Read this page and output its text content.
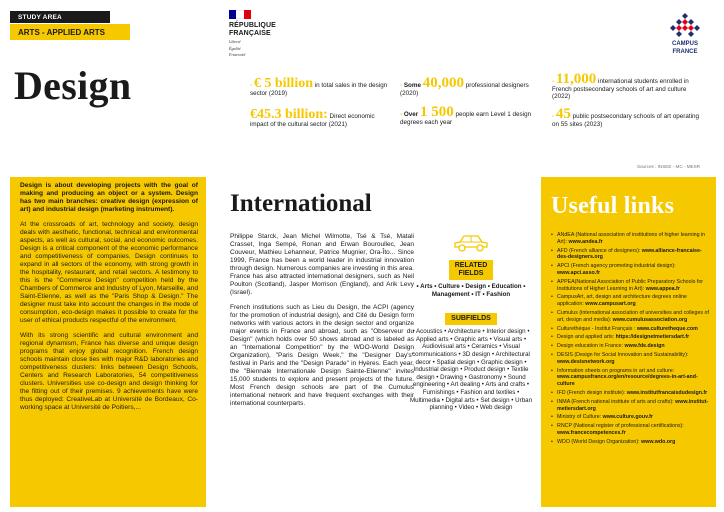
STUDY AREA
ARTS - APPLIED ARTS
RÉPUBLIQUE
FRANÇAISE
Liberté
Égalité
Fraternité
CAMPUS
FRANCE
Design	- € 5 billion in total sales in the design sector (2019)
€45.3 billion: Direct economic impact of the cultural sector (2021)
- Some 40,000 professional designers (2020)
- Over 1 500 people earn Level 1 design degrees each year
- 11,000 international students enrolled in French postsecondary schools of art and culture (2022)
- 45 public postsecondary schools of art operating on 55 sites (2023)
Sources : INSEE - MC - MESR

Design is about developing projects with the goal of making and producing an object or a system. Design has two main branches: creative design (expression of art) and industrial design (marketing instrument).

At the crossroads of art, technology and society, design deals with aesthetic, functional, technical and environmental aspects, as well as cultural, social, and economic outcomes. Design is a critical component of the economic performance and competitiveness of companies. Design continues to expand in all sectors of the economy, with strong growth in the hospitality, restaurant, and retail sectors. A testimony to this is the "Commerce Design" competition held by the Chambers of Commerce and Industry of Lyon, Marseille, and Saint-Etienne, as well as the "Paris Shop & Design." The designer must take into account the changes in the mode of consumption, eco-design makes it possible to create for the user of ethical products respectful of the environment.

With its strong scientific and cultural environment and regional dynamism, France has diverse and unique design programs that enjoy global recognition. French design schools maintain close ties with major R&D laboratories and competitiveness clusters: links between Design Schools, Centers and Research Laboratories, 54 competitiveness clusters. Universities use co-design and design thinking for the fitting out of their premises. 9 achievements have were thus deployed: CreativeLab at Université de Bordeaux, Co-working space at Université de Poitiers,...

International

Philippe Starck, Jean Michel Wilmotte, Tsé & Tsé, Matali Crasset, Inga Sempé, Ronan and Erwan Bouroullec, Jean Couveur, Mathieu Lehanneur, Patrice Mugnier, Ora-Îto... Since 1999, France has been a world leader in industrial innovation through design. Numerous companies are investing in this area. France has also attracted international designers, such as Neil Poulton (Scotland), Jasper Morrison (England), and Arik Levy (Israel).

French institutions such as Lieu du Design, the ACPI (agency for the promotion of industrial design), and Cité du Design form networks with various actors in the design sector and organize major events in France and abroad, such as "Observeur du Design" (which holds over 50 shows abroad and is labeled as an "International Competition" by the WDO-World Design Organization), "Paris Design Week," the "Designer Day's" festival in Paris and the "Design Parade" in Hyères. Each year, the "Biennale Internationale Design Sainte-Etienne" invites 15,000 students to explore and present projects of the future. Most French design schools are part of the Cumulus international network and have frequent exchanges with their international counterparts.

RELATED
FIELDS
• Arts • Culture • Design • Education • Management • IT • Fashion
SUBFIELDS
• Acoustics • Architecture • Interior design • Applied arts • Graphic arts • Visual arts • Audiovisual arts • Ceramics • Visual communications • 3D design • Architectural decor • Spatial design • Graphic design • Industrial design • Product design • Textile design • Drawing • Gastronomy • Sound engineering • Art dealing • Arts and crafts • Furnishings • Fashion and textiles • Multimedia • Digital arts • Set design • Urban planning • Video • Web design
Useful links
• ANdEA (National association of institutions of higher learning in Art): www.andea.fr
• AFD (French alliance of designers): www.alliance-francaise-des-designers.org
• APCI (French agency promoting industrial design): www.apci.asso.fr
• APPEA(National Association of Public Preparatory Schools for Institutions of Higher Learning in Art): www.appea.fr
• CampusArt, art, design and architecture degrees online application: www.campusart.org
• Cumulus (international association of universities and colleges of art, design and media): www.cumulusassociation.org
• Culturethèque - Institut Français : www.culturetheque.com
• Design and applied arts: https://designetmetiersdart.fr
• Design education in France: www.fde.design
• DESIS (Design for Social Innovation and Sustainability): www.desisnetwork.org
• Information sheets on programs in art and culture: www.campusfrance.org/en/resource/degrees-in-art-and-culture
• IFD (French design institute): www.institutfrancaisdudesign.fr
• INMA (French national institute of arts and crafts): www.institut-metiersdart.org
• Ministry of Culture: www.culture.gouv.fr
• RNCP (National register of professional certifications): www.francecompetences.fr
• WDO (World Design Organization): www.wdo.org
